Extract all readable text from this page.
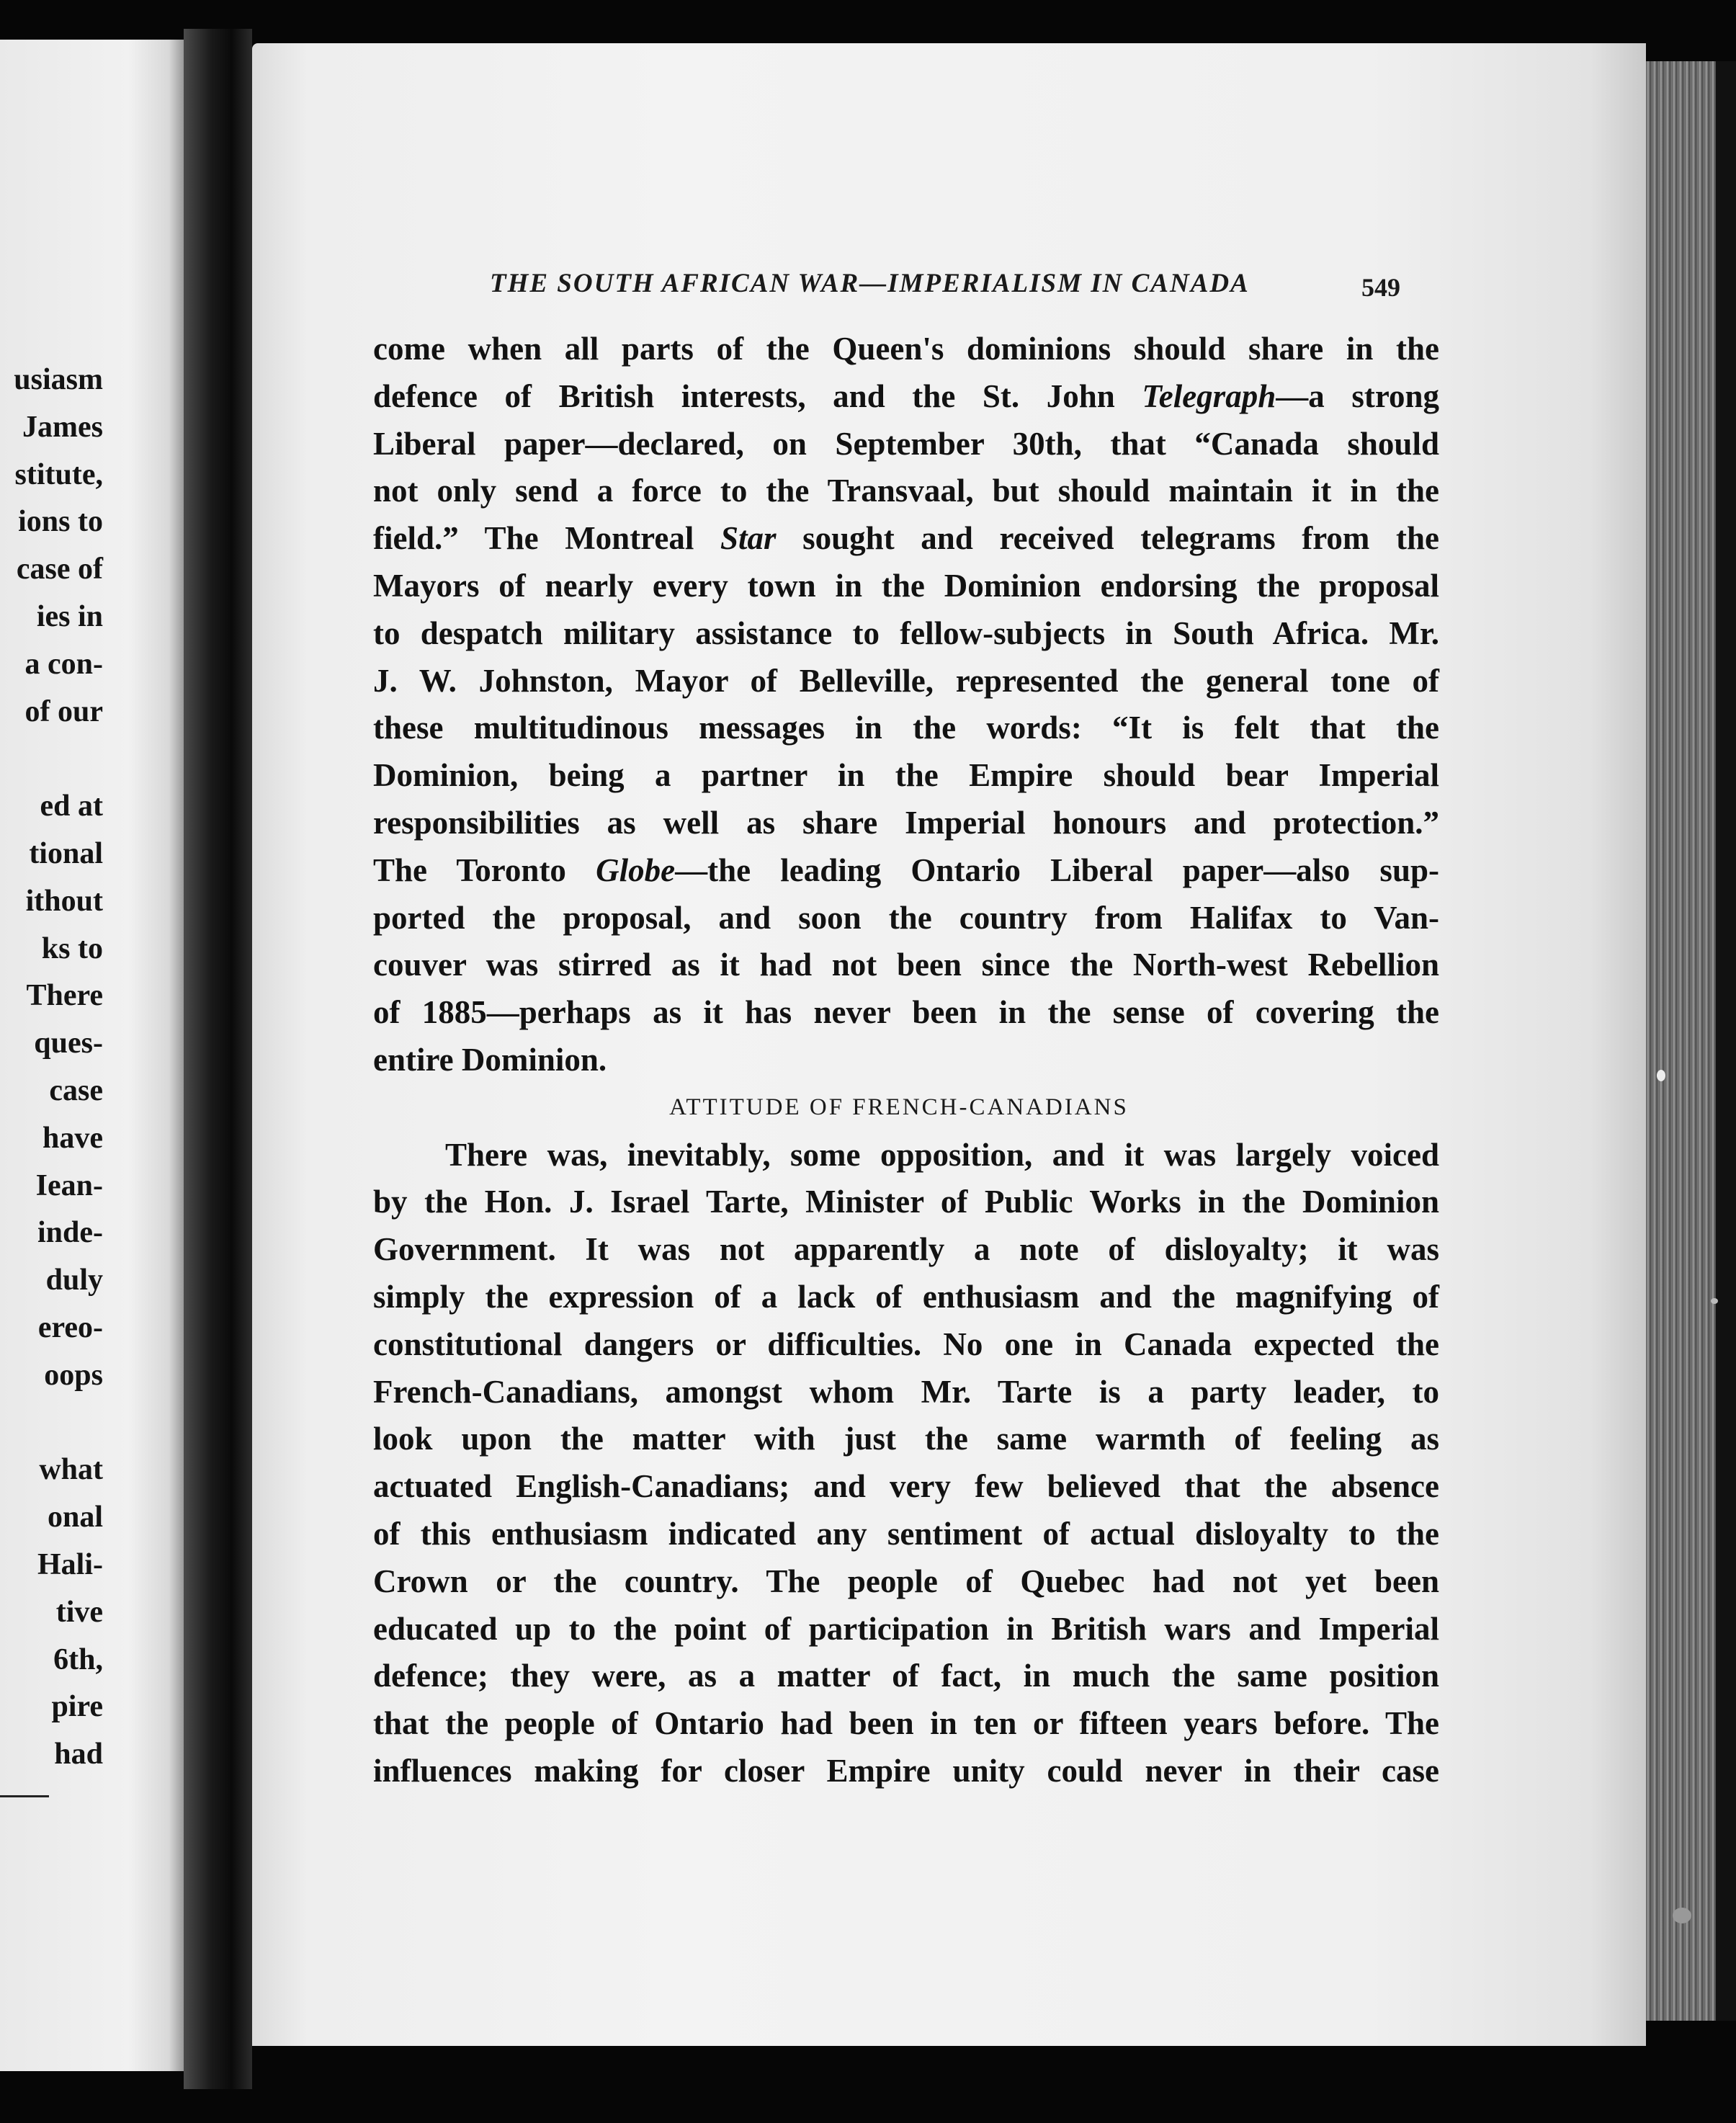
usiasm
James
stitute,
ions to
case of
ies in
a con-
of our
ed at
tional
ithout
ks to
There
ques-
case
have
Iean-
inde-
duly
ereo-
oops
what
onal
Hali-
tive
6th,
pire
had
THE SOUTH AFRICAN WAR—IMPERIALISM IN CANADA	549
come when all parts of the Queen's dominions should share in the
defence of British interests, and the St. John Telegraph—a strong
Liberal paper—declared, on September 30th, that “Canada should
not only send a force to the Transvaal, but should maintain it in the
field.” The Montreal Star sought and received telegrams from the
Mayors of nearly every town in the Dominion endorsing the proposal
to despatch military assistance to fellow-subjects in South Africa. Mr.
J. W. Johnston, Mayor of Belleville, represented the general tone of
these multitudinous messages in the words: “It is felt that the
Dominion, being a partner in the Empire should bear Imperial
responsibilities as well as share Imperial honours and protection.”
The Toronto Globe—the leading Ontario Liberal paper—also sup-
ported the proposal, and soon the country from Halifax to Van-
couver was stirred as it had not been since the North-west Rebellion
of 1885—perhaps as it has never been in the sense of covering the
entire Dominion.
ATTITUDE OF FRENCH-CANADIANS
There was, inevitably, some opposition, and it was largely voiced
by the Hon. J. Israel Tarte, Minister of Public Works in the Dominion
Government. It was not apparently a note of disloyalty; it was
simply the expression of a lack of enthusiasm and the magnifying of
constitutional dangers or difficulties. No one in Canada expected the
French-Canadians, amongst whom Mr. Tarte is a party leader, to
look upon the matter with just the same warmth of feeling as
actuated English-Canadians; and very few believed that the absence
of this enthusiasm indicated any sentiment of actual disloyalty to the
Crown or the country. The people of Quebec had not yet been
educated up to the point of participation in British wars and Imperial
defence; they were, as a matter of fact, in much the same position
that the people of Ontario had been in ten or fifteen years before. The
influences making for closer Empire unity could never in their case
